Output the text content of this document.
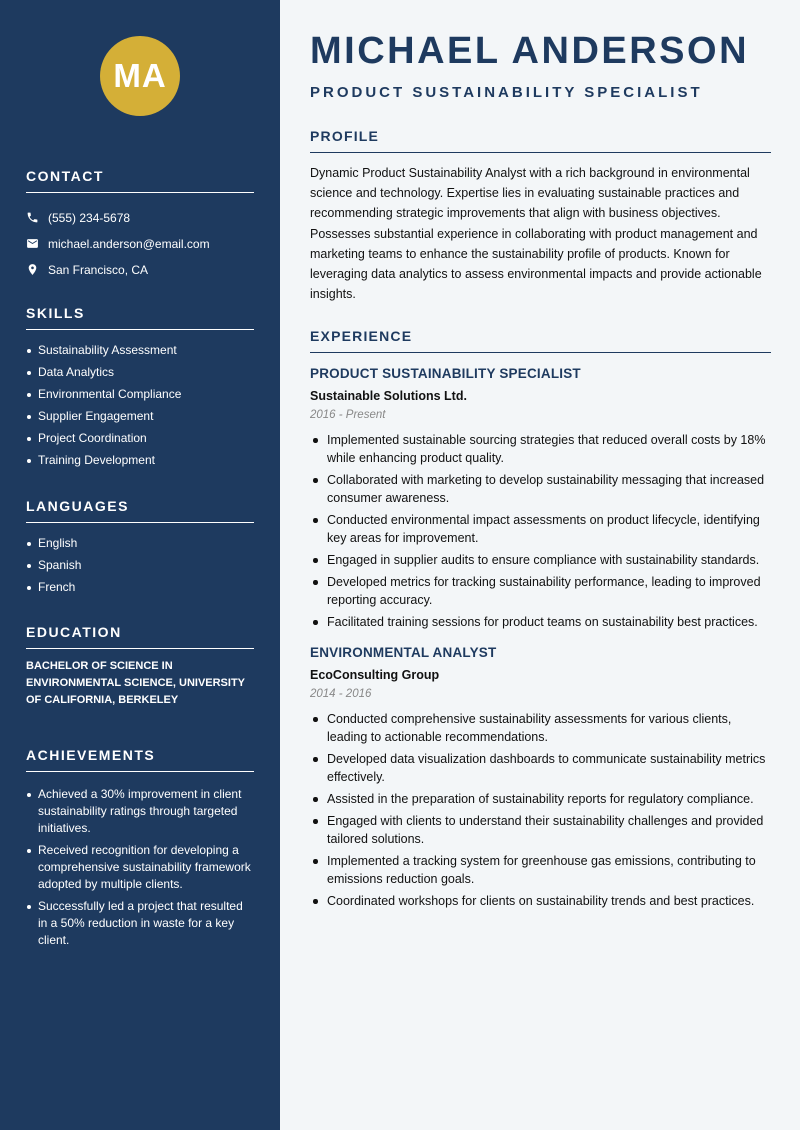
MA
CONTACT
(555) 234-5678
michael.anderson@email.com
San Francisco, CA
SKILLS
Sustainability Assessment
Data Analytics
Environmental Compliance
Supplier Engagement
Project Coordination
Training Development
LANGUAGES
English
Spanish
French
EDUCATION
BACHELOR OF SCIENCE IN ENVIRONMENTAL SCIENCE, UNIVERSITY OF CALIFORNIA, BERKELEY
ACHIEVEMENTS
Achieved a 30% improvement in client sustainability ratings through targeted initiatives.
Received recognition for developing a comprehensive sustainability framework adopted by multiple clients.
Successfully led a project that resulted in a 50% reduction in waste for a key client.
MICHAEL ANDERSON
PRODUCT SUSTAINABILITY SPECIALIST
PROFILE

Dynamic Product Sustainability Analyst with a rich background in environmental science and technology. Expertise lies in evaluating sustainable practices and recommending strategic improvements that align with business objectives. Possesses substantial experience in collaborating with product management and marketing teams to enhance the sustainability profile of products. Known for leveraging data analytics to assess environmental impacts and provide actionable insights.

EXPERIENCE
PRODUCT SUSTAINABILITY SPECIALIST

Sustainable Solutions Ltd.

2016 - Present

Implemented sustainable sourcing strategies that reduced overall costs by 18% while enhancing product quality.
Collaborated with marketing to develop sustainability messaging that increased consumer awareness.
Conducted environmental impact assessments on product lifecycle, identifying key areas for improvement.
Engaged in supplier audits to ensure compliance with sustainability standards.
Developed metrics for tracking sustainability performance, leading to improved reporting accuracy.
Facilitated training sessions for product teams on sustainability best practices.
ENVIRONMENTAL ANALYST

EcoConsulting Group

2014 - 2016

Conducted comprehensive sustainability assessments for various clients, leading to actionable recommendations.
Developed data visualization dashboards to communicate sustainability metrics effectively.
Assisted in the preparation of sustainability reports for regulatory compliance.
Engaged with clients to understand their sustainability challenges and provided tailored solutions.
Implemented a tracking system for greenhouse gas emissions, contributing to emissions reduction goals.
Coordinated workshops for clients on sustainability trends and best practices.
